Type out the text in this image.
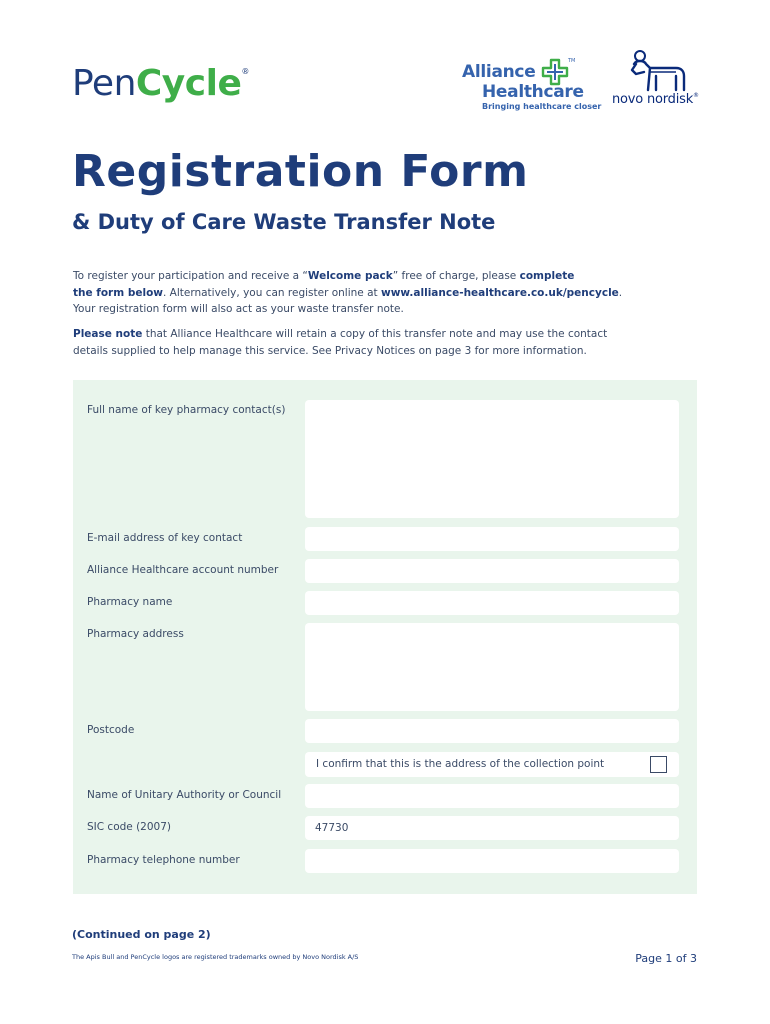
PenCycle®	Alliance
TM
Healthcare
Bringing healthcare closer novo nordisk®
Registration Form
& Duty of Care Waste Transfer Note

To register your participation and receive a “Welcome pack” free of charge, please complete
the form below. Alternatively, you can register online at www.alliance-healthcare.co.uk/pencycle.
Your registration form will also act as your waste transfer note.

Please note that Alliance Healthcare will retain a copy of this transfer note and may use the contact details supplied to help manage this service. See Privacy Notices on page 3 for more information.

Full name of key pharmacy contact(s)
E-mail address of key contact
Alliance Healthcare account number
Pharmacy name
Pharmacy address
Postcode
I confirm that this is the address of the collection point
Name of Unitary Authority or Council
SIC code (2007)	47730
Pharmacy telephone number
(Continued on page 2)
The Apis Bull and PenCycle logos are registered trademarks owned by Novo Nordisk A/S	Page 1 of 3
